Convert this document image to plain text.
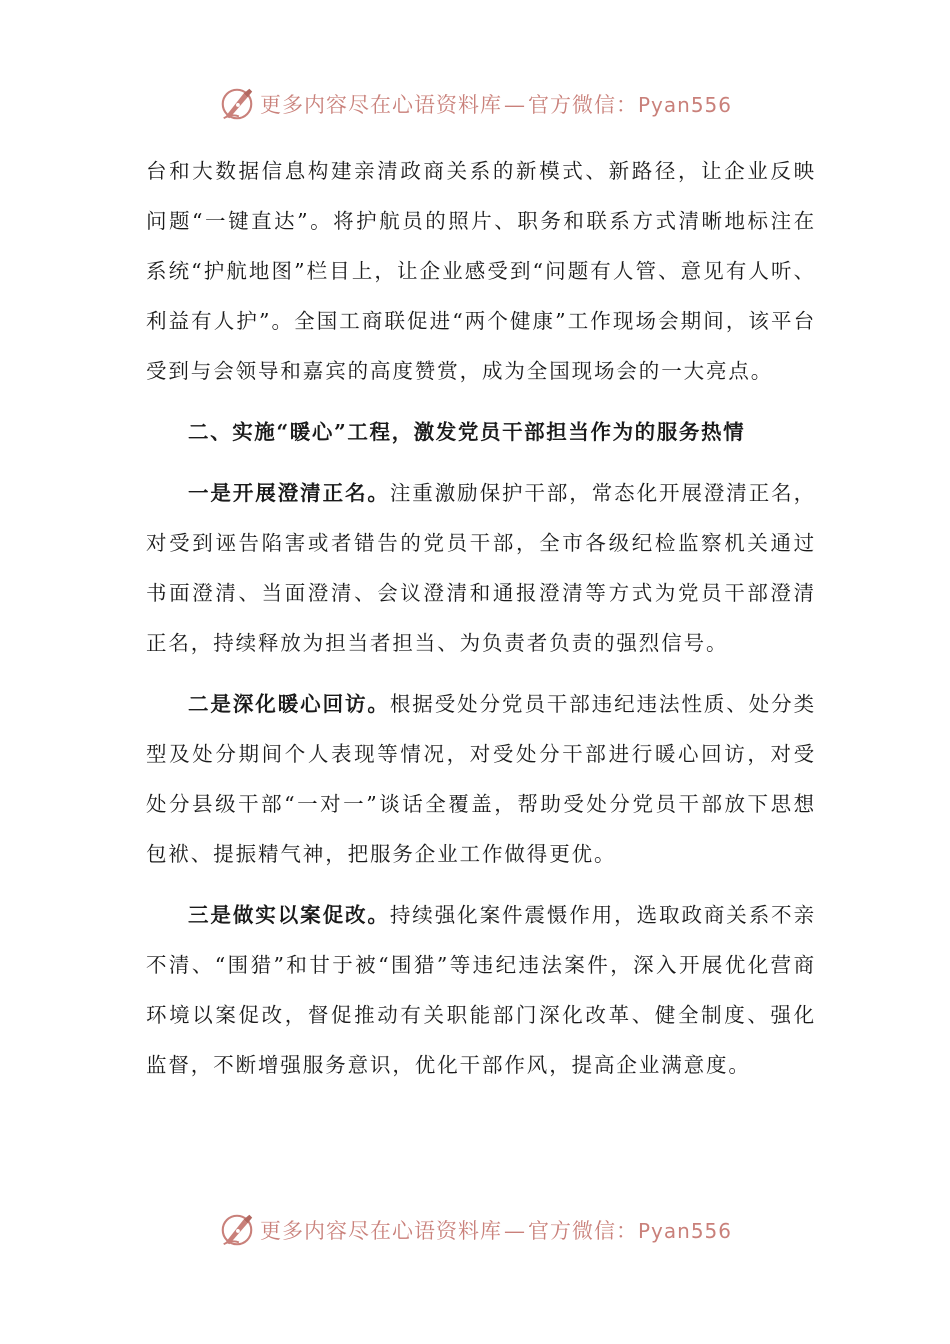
更多内容尽在心语资料库—官方微信：Pyan556

台和大数据信息构建亲清政商关系的新模式、新路径，让企业反映问题“一键直达”。将护航员的照片、职务和联系方式清晰地标注在系统“护航地图”栏目上，让企业感受到“问题有人管、意见有人听、利益有人护”。全国工商联促进“两个健康”工作现场会期间，该平台受到与会领导和嘉宾的高度赞赏，成为全国现场会的一大亮点。

二、实施“暖心”工程，激发党员干部担当作为的服务热情

一是开展澄清正名。注重激励保护干部，常态化开展澄清正名，对受到诬告陷害或者错告的党员干部，全市各级纪检监察机关通过书面澄清、当面澄清、会议澄清和通报澄清等方式为党员干部澄清正名，持续释放为担当者担当、为负责者负责的强烈信号。

二是深化暖心回访。根据受处分党员干部违纪违法性质、处分类型及处分期间个人表现等情况，对受处分干部进行暖心回访，对受处分县级干部“一对一”谈话全覆盖，帮助受处分党员干部放下思想包袱、提振精气神，把服务企业工作做得更优。

三是做实以案促改。持续强化案件震慑作用，选取政商关系不亲不清、“围猎”和甘于被“围猎”等违纪违法案件，深入开展优化营商环境以案促改，督促推动有关职能部门深化改革、健全制度、强化监督，不断增强服务意识，优化干部作风，提高企业满意度。

更多内容尽在心语资料库—官方微信：Pyan556
